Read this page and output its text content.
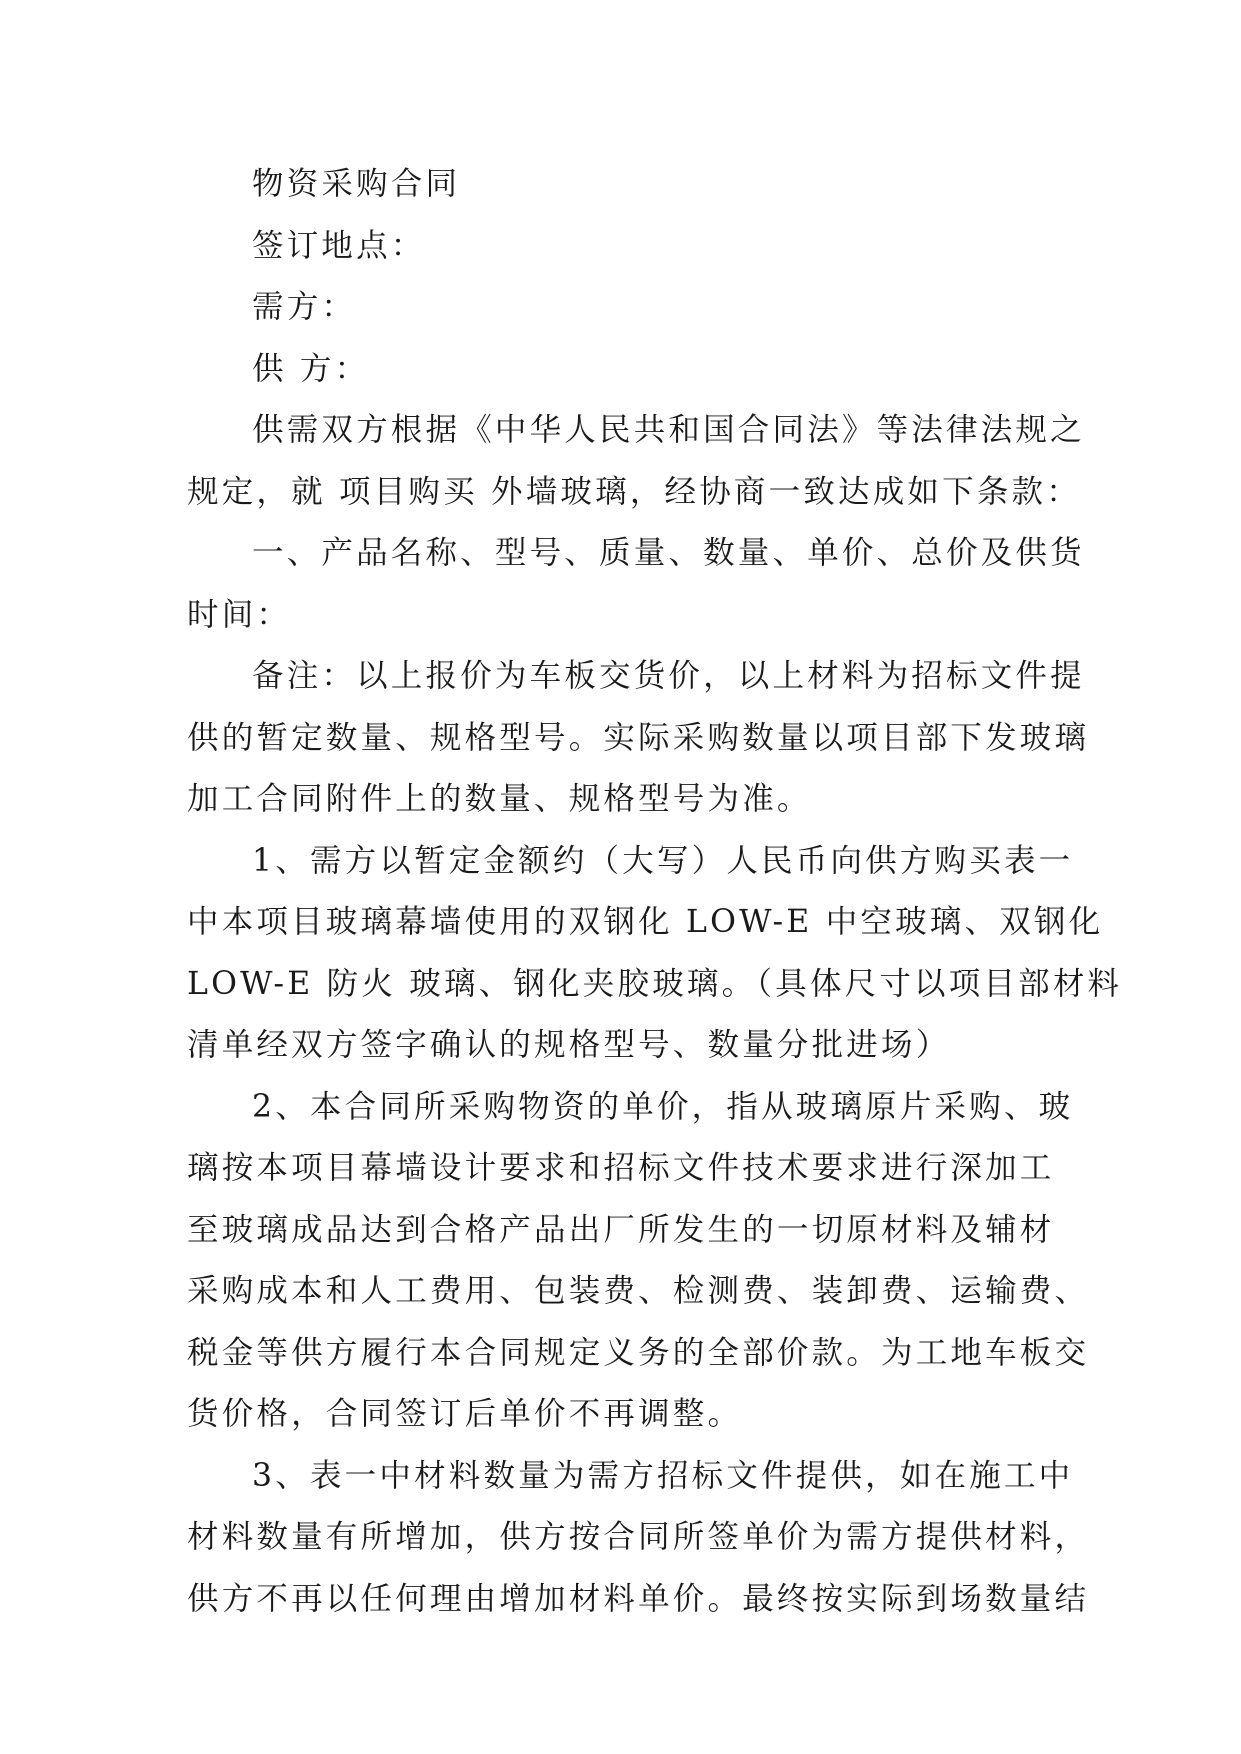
物资采购合同
签订地点：
需方：
供 方：
供需双方根据《中华人民共和国合同法》等法律法规之
规定，就 项目购买 外墙玻璃，经协商一致达成如下条款：
一、产品名称、型号、质量、数量、单价、总价及供货
时间：
备注：以上报价为车板交货价，以上材料为招标文件提
供的暂定数量、规格型号。实际采购数量以项目部下发玻璃
加工合同附件上的数量、规格型号为准。
1、需方以暂定金额约（大写）人民币向供方购买表一
中本项目玻璃幕墙使用的双钢化 LOW-E 中空玻璃、双钢化
LOW-E 防火 玻璃、钢化夹胶玻璃。（具体尺寸以项目部材料
清单经双方签字确认的规格型号、数量分批进场）
2、本合同所采购物资的单价，指从玻璃原片采购、玻
璃按本项目幕墙设计要求和招标文件技术要求进行深加工
至玻璃成品达到合格产品出厂所发生的一切原材料及辅材
采购成本和人工费用、包装费、检测费、装卸费、运输费、
税金等供方履行本合同规定义务的全部价款。为工地车板交
货价格，合同签订后单价不再调整。
3、表一中材料数量为需方招标文件提供，如在施工中
材料数量有所增加，供方按合同所签单价为需方提供材料，
供方不再以任何理由增加材料单价。最终按实际到场数量结
